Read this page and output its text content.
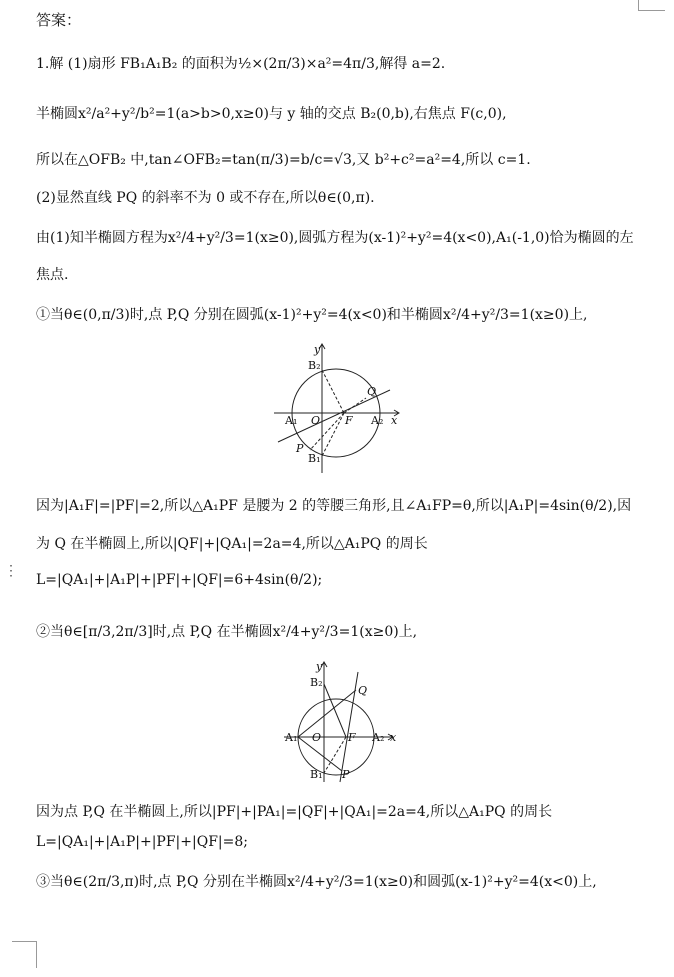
⋮
答案：
1.解 (1)扇形 FB₁A₁B₂ 的面积为½×(2π/3)×a²=4π/3,解得 a=2.
半椭圆x²/a²+y²/b²=1(a>b>0,x≥0)与 y 轴的交点 B₂(0,b),右焦点 F(c,0),
所以在△OFB₂ 中,tan∠OFB₂=tan(π/3)=b/c=√3,又 b²+c²=a²=4,所以 c=1.
(2)显然直线 PQ 的斜率不为 0 或不存在,所以θ∈(0,π).
由(1)知半椭圆方程为x²/4+y²/3=1(x≥0),圆弧方程为(x-1)²+y²=4(x<0),A₁(-1,0)恰为椭圆的左
焦点.
①当θ∈(0,π/3)时,点 P,Q 分别在圆弧(x-1)²+y²=4(x<0)和半椭圆x²/4+y²/3=1(x≥0)上,
y
B₂
Q
A₁ O F A₂ x
P
B₁
因为|A₁F|=|PF|=2,所以△A₁PF 是腰为 2 的等腰三角形,且∠A₁FP=θ,所以|A₁P|=4sin(θ/2),因
为 Q 在半椭圆上,所以|QF|+|QA₁|=2a=4,所以△A₁PQ 的周长
L=|QA₁|+|A₁P|+|PF|+|QF|=6+4sin(θ/2);
②当θ∈[π/3,2π/3]时,点 P,Q 在半椭圆x²/4+y²/3=1(x≥0)上,
y
B₂
Q
A₁ O F A₂ x
B₁ P
因为点 P,Q 在半椭圆上,所以|PF|+|PA₁|=|QF|+|QA₁|=2a=4,所以△A₁PQ 的周长
L=|QA₁|+|A₁P|+|PF|+|QF|=8;
③当θ∈(2π/3,π)时,点 P,Q 分别在半椭圆x²/4+y²/3=1(x≥0)和圆弧(x-1)²+y²=4(x<0)上,
